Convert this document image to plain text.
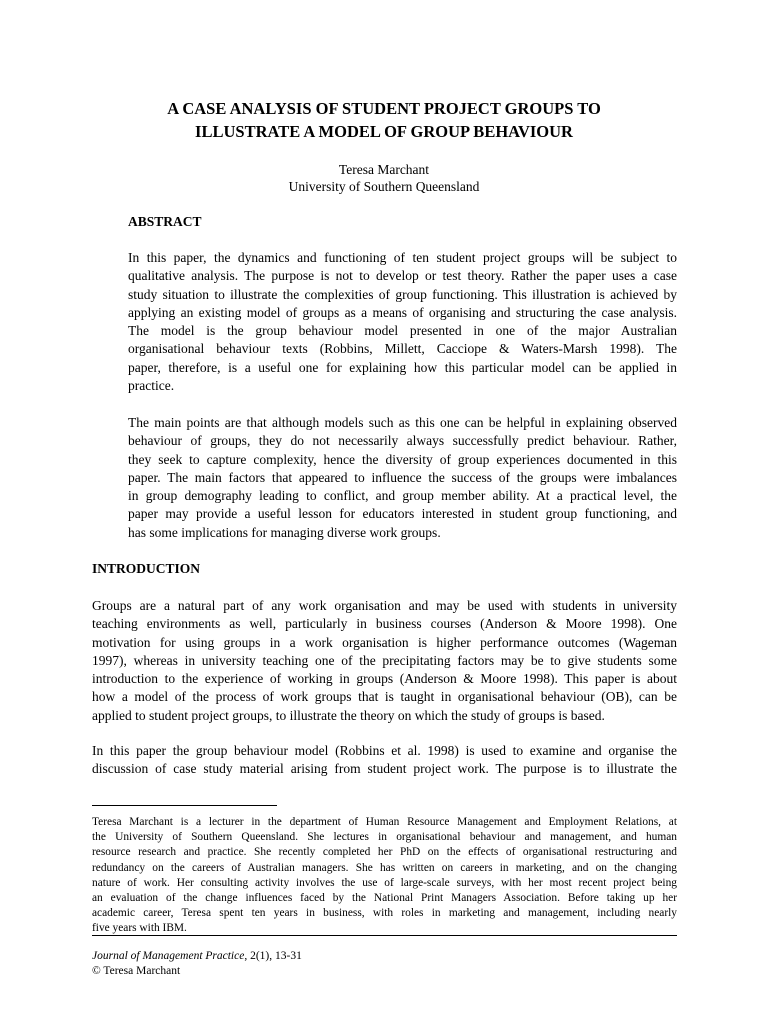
A CASE ANALYSIS OF STUDENT PROJECT GROUPS TO
ILLUSTRATE A MODEL OF GROUP BEHAVIOUR
Teresa Marchant
University of Southern Queensland
ABSTRACT
In this paper, the dynamics and functioning of ten student project groups will be subject to
qualitative analysis. The purpose is not to develop or test theory. Rather the paper uses a case
study situation to illustrate the complexities of group functioning. This illustration is achieved by
applying an existing model of groups as a means of organising and structuring the case analysis.
The model is the group behaviour model presented in one of the major Australian
organisational behaviour texts (Robbins, Millett, Cacciope & Waters-Marsh 1998). The
paper, therefore, is a useful one for explaining how this particular model can be applied in
practice.
The main points are that although models such as this one can be helpful in explaining observed
behaviour of groups, they do not necessarily always successfully predict behaviour. Rather,
they seek to capture complexity, hence the diversity of group experiences documented in this
paper. The main factors that appeared to influence the success of the groups were imbalances
in group demography leading to conflict, and group member ability. At a practical level, the
paper may provide a useful lesson for educators interested in student group functioning, and
has some implications for managing diverse work groups.
INTRODUCTION
Groups are a natural part of any work organisation and may be used with students in university
teaching environments as well, particularly in business courses (Anderson & Moore 1998). One
motivation for using groups in a work organisation is higher performance outcomes (Wageman
1997), whereas in university teaching one of the precipitating factors may be to give students some
introduction to the experience of working in groups (Anderson & Moore 1998). This paper is about
how a model of the process of work groups that is taught in organisational behaviour (OB), can be
applied to student project groups, to illustrate the theory on which the study of groups is based.
In this paper the group behaviour model (Robbins et al. 1998) is used to examine and organise the
discussion of case study material arising from student project work. The purpose is to illustrate the
Teresa Marchant is a lecturer in the department of Human Resource Management and Employment Relations, at
the University of Southern Queensland. She lectures in organisational behaviour and management, and human
resource research and practice. She recently completed her PhD on the effects of organisational restructuring and
redundancy on the careers of Australian managers. She has written on careers in marketing, and on the changing
nature of work. Her consulting activity involves the use of large-scale surveys, with her most recent project being
an evaluation of the change influences faced by the National Print Managers Association. Before taking up her
academic career, Teresa spent ten years in business, with roles in marketing and management, including nearly
five years with IBM.
Journal of Management Practice, 2(1), 13-31
© Teresa Marchant
